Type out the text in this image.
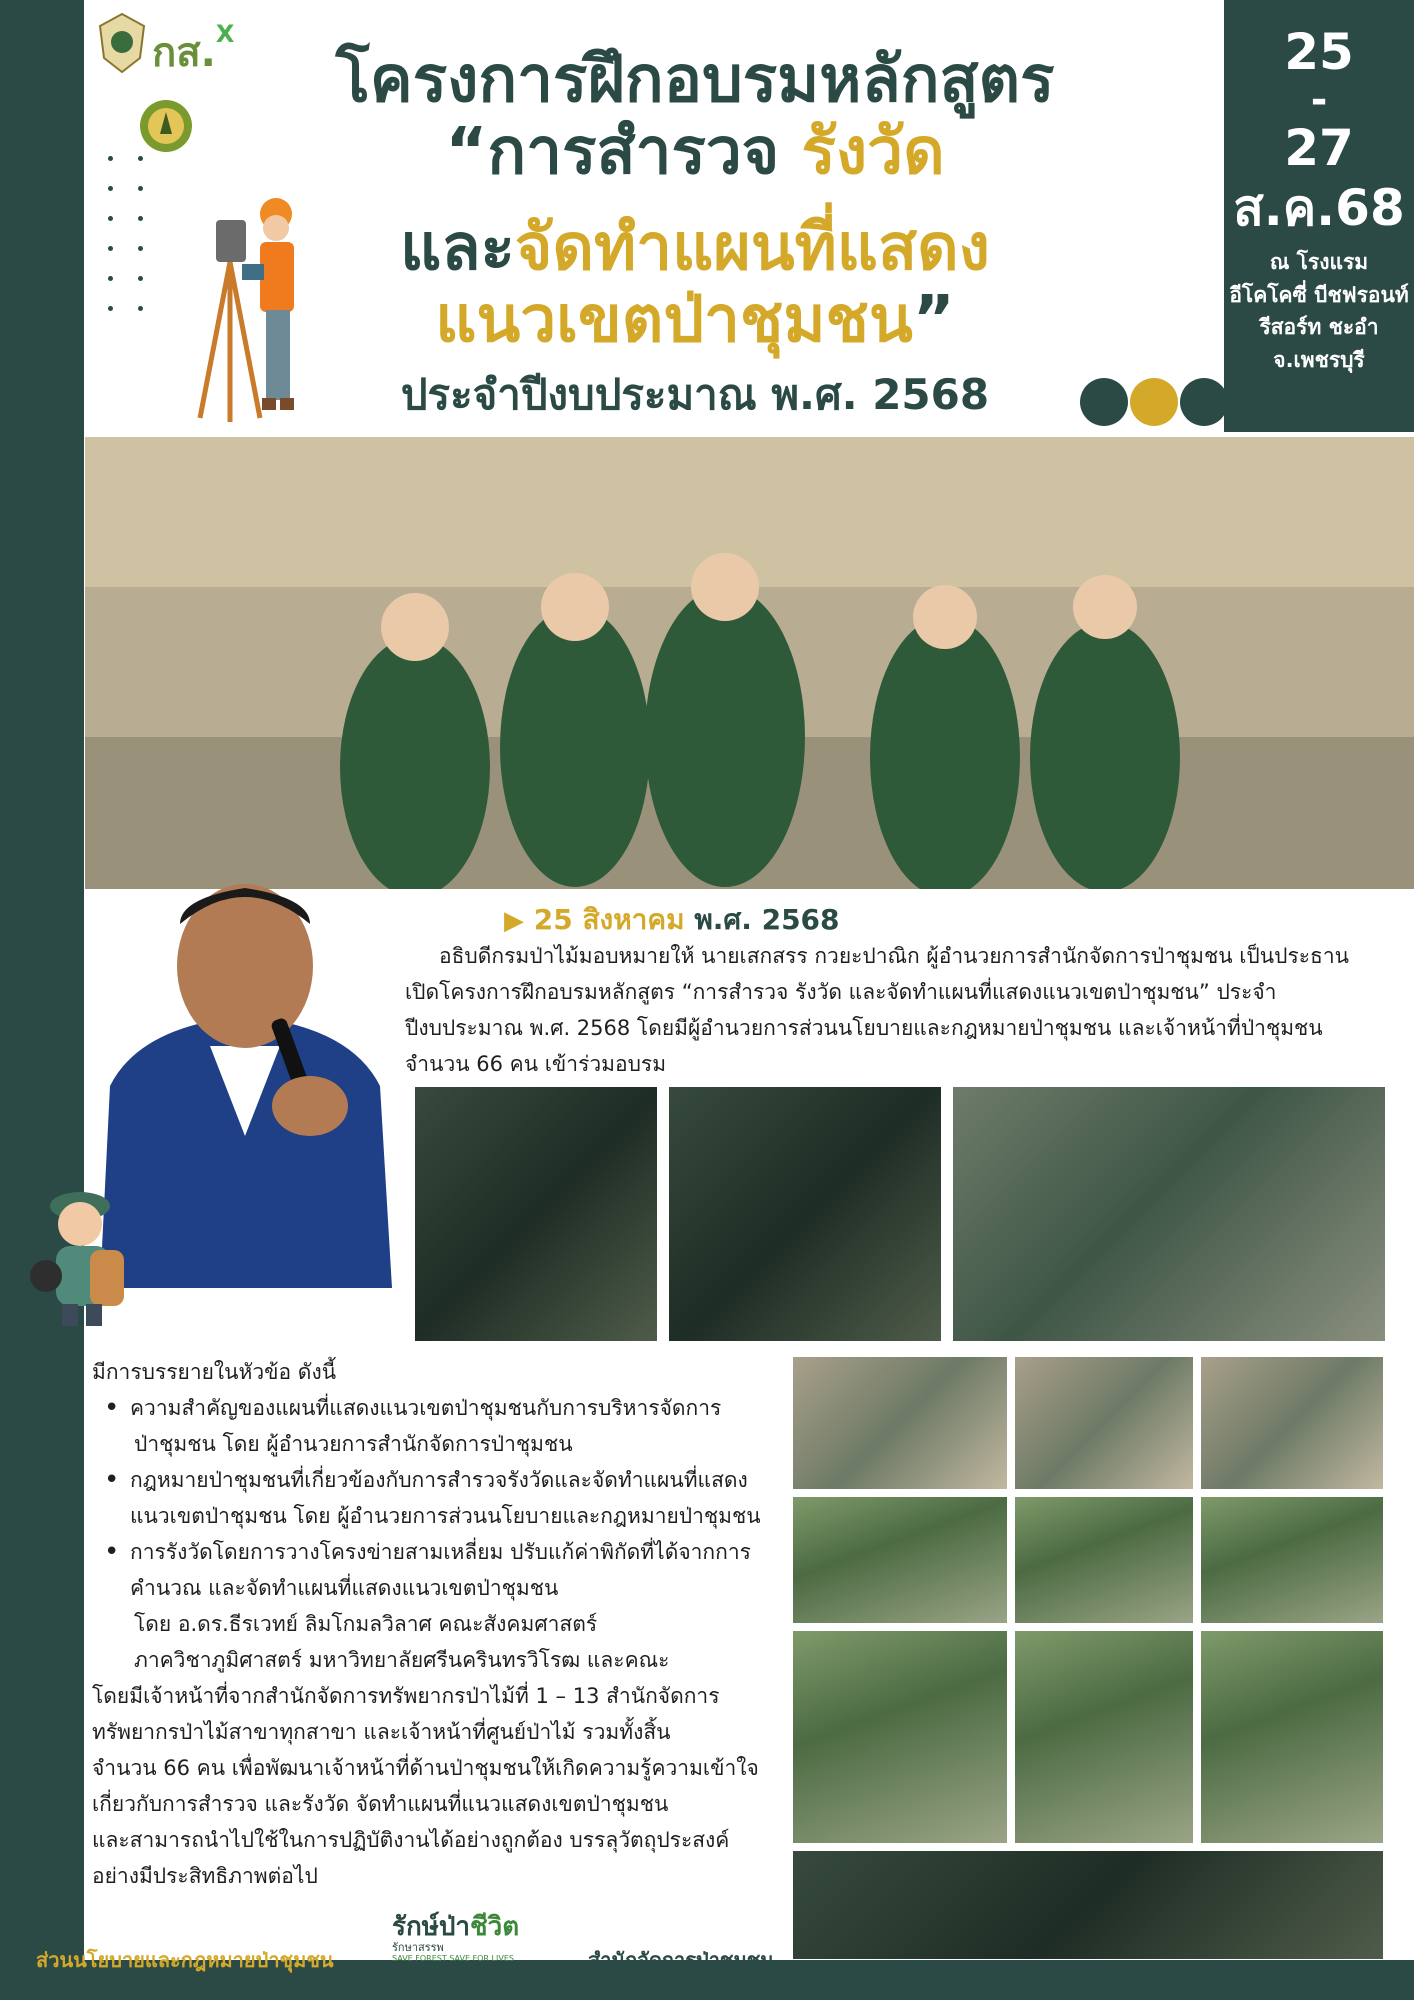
กส.$^X$
โครงการฝึกอบรมหลักสูตร
“การสำรวจ รังวัด
และจัดทำแผนที่แสดง
แนวเขตป่าชุมชน”
ประจำปีงบประมาณ พ.ศ. 2568
25
-
27
ส.ค.68
ณ โรงแรม
อีโคโคซี่ บีชฟรอนท์
รีสอร์ท ชะอำ
จ.เพชรบุรี
▶ 25 สิงหาคม พ.ศ. 2568
อธิบดีกรมป่าไม้มอบหมายให้ นายเสกสรร กวยะปาณิก ผู้อำนวยการสำนักจัดการป่าชุมชน เป็นประธานเปิดโครงการฝึกอบรมหลักสูตร “การสำรวจ รังวัด และจัดทำแผนที่แสดงแนวเขตป่าชุมชน” ประจำปีงบประมาณ พ.ศ. 2568 โดยมีผู้อำนวยการส่วนนโยบายและกฎหมายป่าชุมชน และเจ้าหน้าที่ป่าชุมชน จำนวน 66 คน เข้าร่วมอบรม
มีการบรรยายในหัวข้อ ดังนี้
• ความสำคัญของแผนที่แสดงแนวเขตป่าชุมชนกับการบริหารจัดการ
ป่าชุมชน โดย ผู้อำนวยการสำนักจัดการป่าชุมชน
• กฎหมายป่าชุมชนที่เกี่ยวข้องกับการสำรวจรังวัดและจัดทำแผนที่แสดง
แนวเขตป่าชุมชน โดย ผู้อำนวยการส่วนนโยบายและกฎหมายป่าชุมชน
• การรังวัดโดยการวางโครงข่ายสามเหลี่ยม ปรับแก้ค่าพิกัดที่ได้จากการ
คำนวณ และจัดทำแผนที่แสดงแนวเขตป่าชุมชน
โดย อ.ดร.ธีรเวทย์ ลิมโกมลวิลาศ คณะสังคมศาสตร์
ภาควิชาภูมิศาสตร์ มหาวิทยาลัยศรีนครินทรวิโรฒ และคณะ
โดยมีเจ้าหน้าที่จากสำนักจัดการทรัพยากรป่าไม้ที่ 1 – 13 สำนักจัดการ
ทรัพยากรป่าไม้สาขาทุกสาขา และเจ้าหน้าที่ศูนย์ป่าไม้ รวมทั้งสิ้น
จำนวน 66 คน เพื่อพัฒนาเจ้าหน้าที่ด้านป่าชุมชนให้เกิดความรู้ความเข้าใจ
เกี่ยวกับการสำรวจ และรังวัด จัดทำแผนที่แนวแสดงเขตป่าชุมชน
และสามารถนำไปใช้ในการปฏิบัติงานได้อย่างถูกต้อง บรรลุวัตถุประสงค์
อย่างมีประสิทธิภาพต่อไป
ส่วนนโยบายและกฎหมายป่าชุมชน
รักษ์ป่าชีวิต
รักษาสรรพ
SAVE FOREST SAVE FOR LIVES	สำนักจัดการป่าชุมชน
